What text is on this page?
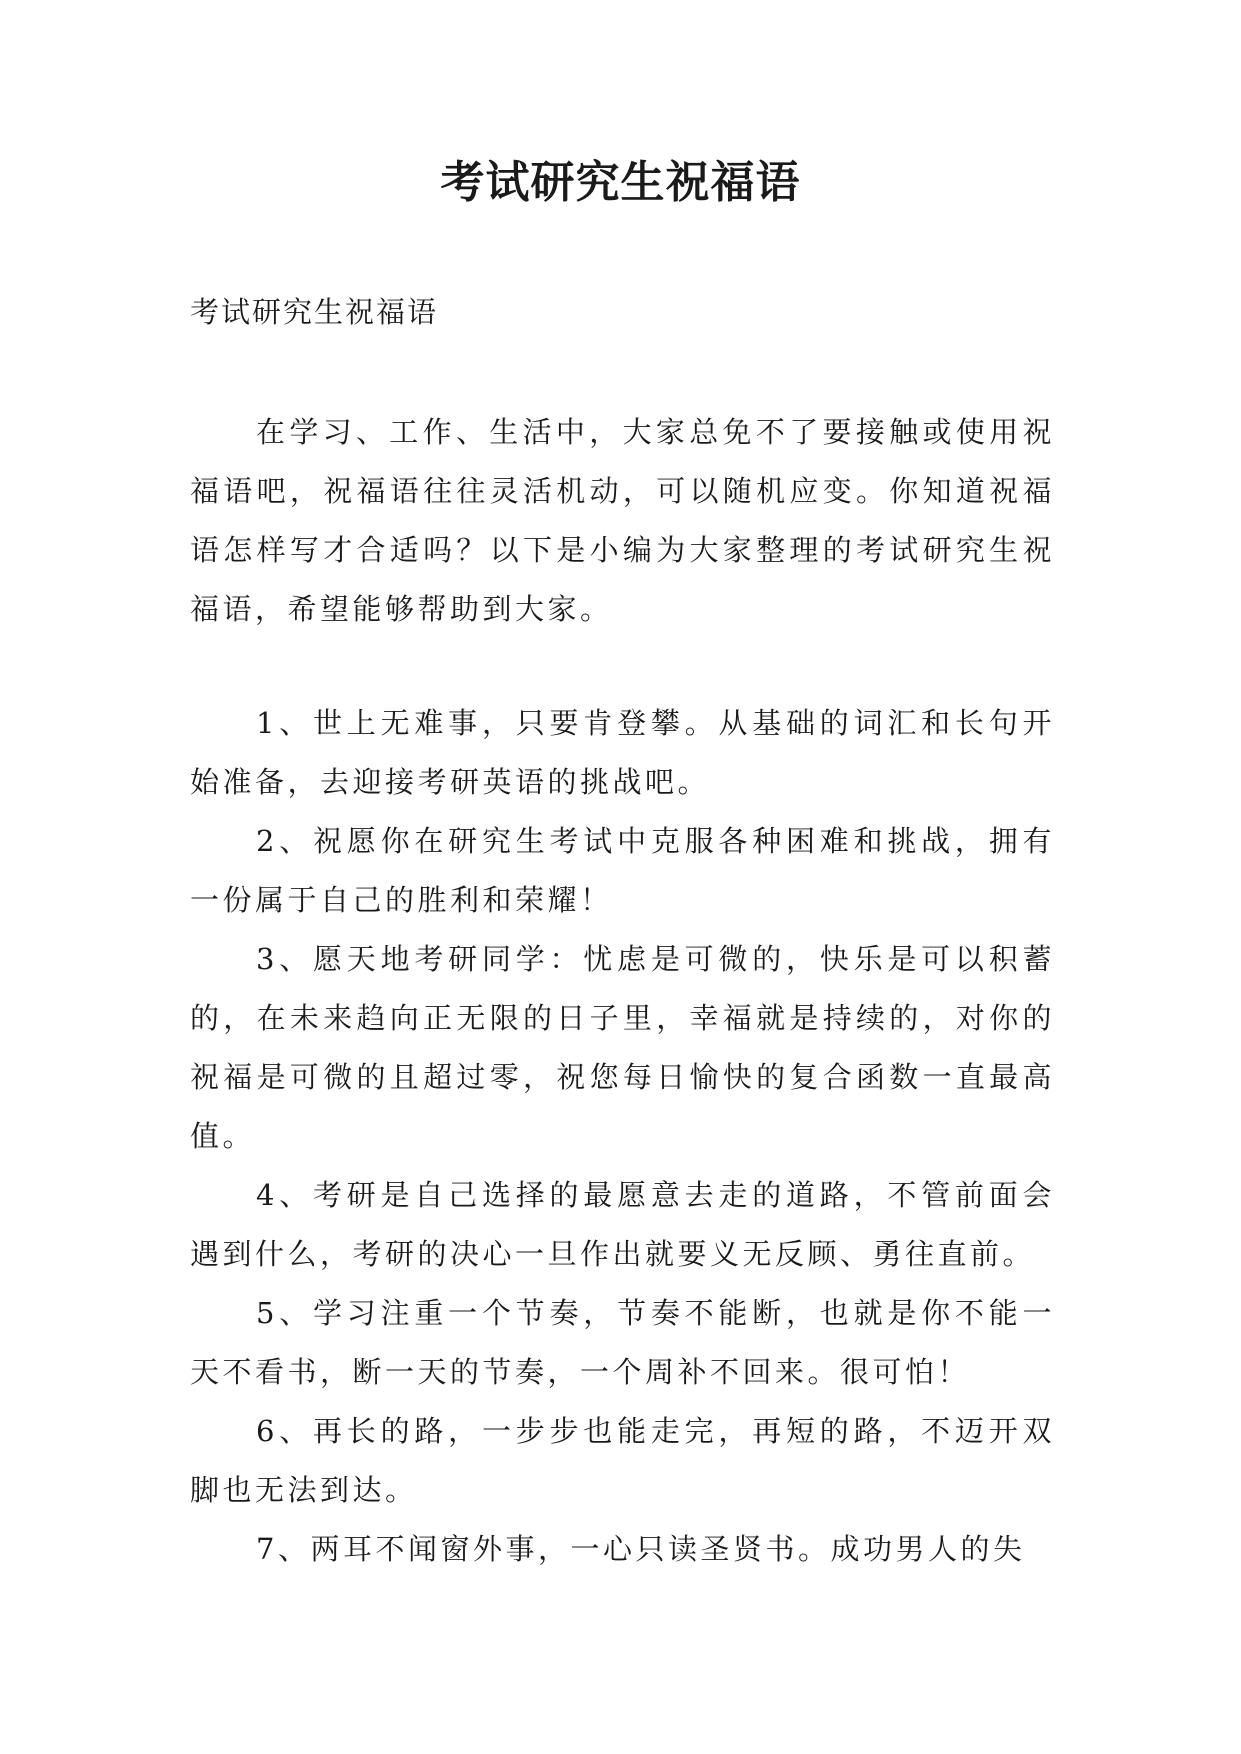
考试研究生祝福语
考试研究生祝福语

在学习、工作、生活中，大家总免不了要接触或使用祝福语吧，祝福语往往灵活机动，可以随机应变。你知道祝福语怎样写才合适吗？以下是小编为大家整理的考试研究生祝福语，希望能够帮助到大家。

1、世上无难事，只要肯登攀。从基础的词汇和长句开始准备，去迎接考研英语的挑战吧。

2、祝愿你在研究生考试中克服各种困难和挑战，拥有一份属于自己的胜利和荣耀！

3、愿天地考研同学：忧虑是可微的，快乐是可以积蓄的，在未来趋向正无限的日子里，幸福就是持续的，对你的祝福是可微的且超过零，祝您每日愉快的复合函数一直最高值。

4、考研是自己选择的最愿意去走的道路，不管前面会遇到什么，考研的决心一旦作出就要义无反顾、勇往直前。

5、学习注重一个节奏，节奏不能断，也就是你不能一天不看书，断一天的节奏，一个周补不回来。很可怕！

6、再长的路，一步步也能走完，再短的路，不迈开双脚也无法到达。

7、两耳不闻窗外事，一心只读圣贤书。成功男人的失
